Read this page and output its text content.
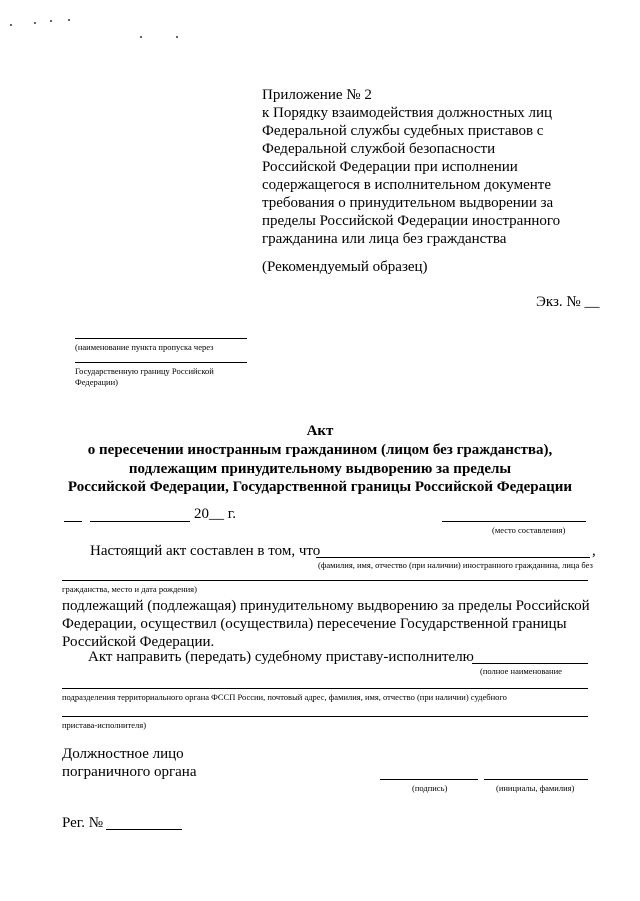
Приложение № 2
к Порядку взаимодействия должностных лиц
Федеральной службы судебных приставов с
Федеральной службой безопасности
Российской Федерации при исполнении
содержащегося в исполнительном документе
требования о принудительном выдворении за
пределы Российской Федерации иностранного
гражданина или лица без гражданства
(Рекомендуемый образец)
Экз. № __
(наименование пункта пропуска через
Государственную границу Российской
Федерации)
Акт
о пересечении иностранным гражданином (лицом без гражданства),
подлежащим принудительному выдворению за пределы
Российской Федерации, Государственной границы Российской Федерации
20__ г.
(место составления)
Настоящий акт составлен в том, что	,
(фамилия, имя, отчество (при наличии) иностранного гражданина, лица без
гражданства, место и дата рождения)
подлежащий (подлежащая) принудительному выдворению за пределы Российской
Федерации, осуществил (осуществила) пересечение Государственной границы
Российской Федерации.
Акт направить (передать) судебному приставу-исполнителю
(полное наименование
подразделения территориального органа ФССП России, почтовый адрес, фамилия, имя, отчество (при наличии) судебного
пристава-исполнителя)
Должностное лицо
пограничного органа
(подпись)	(инициалы, фамилия)
Рег. №
